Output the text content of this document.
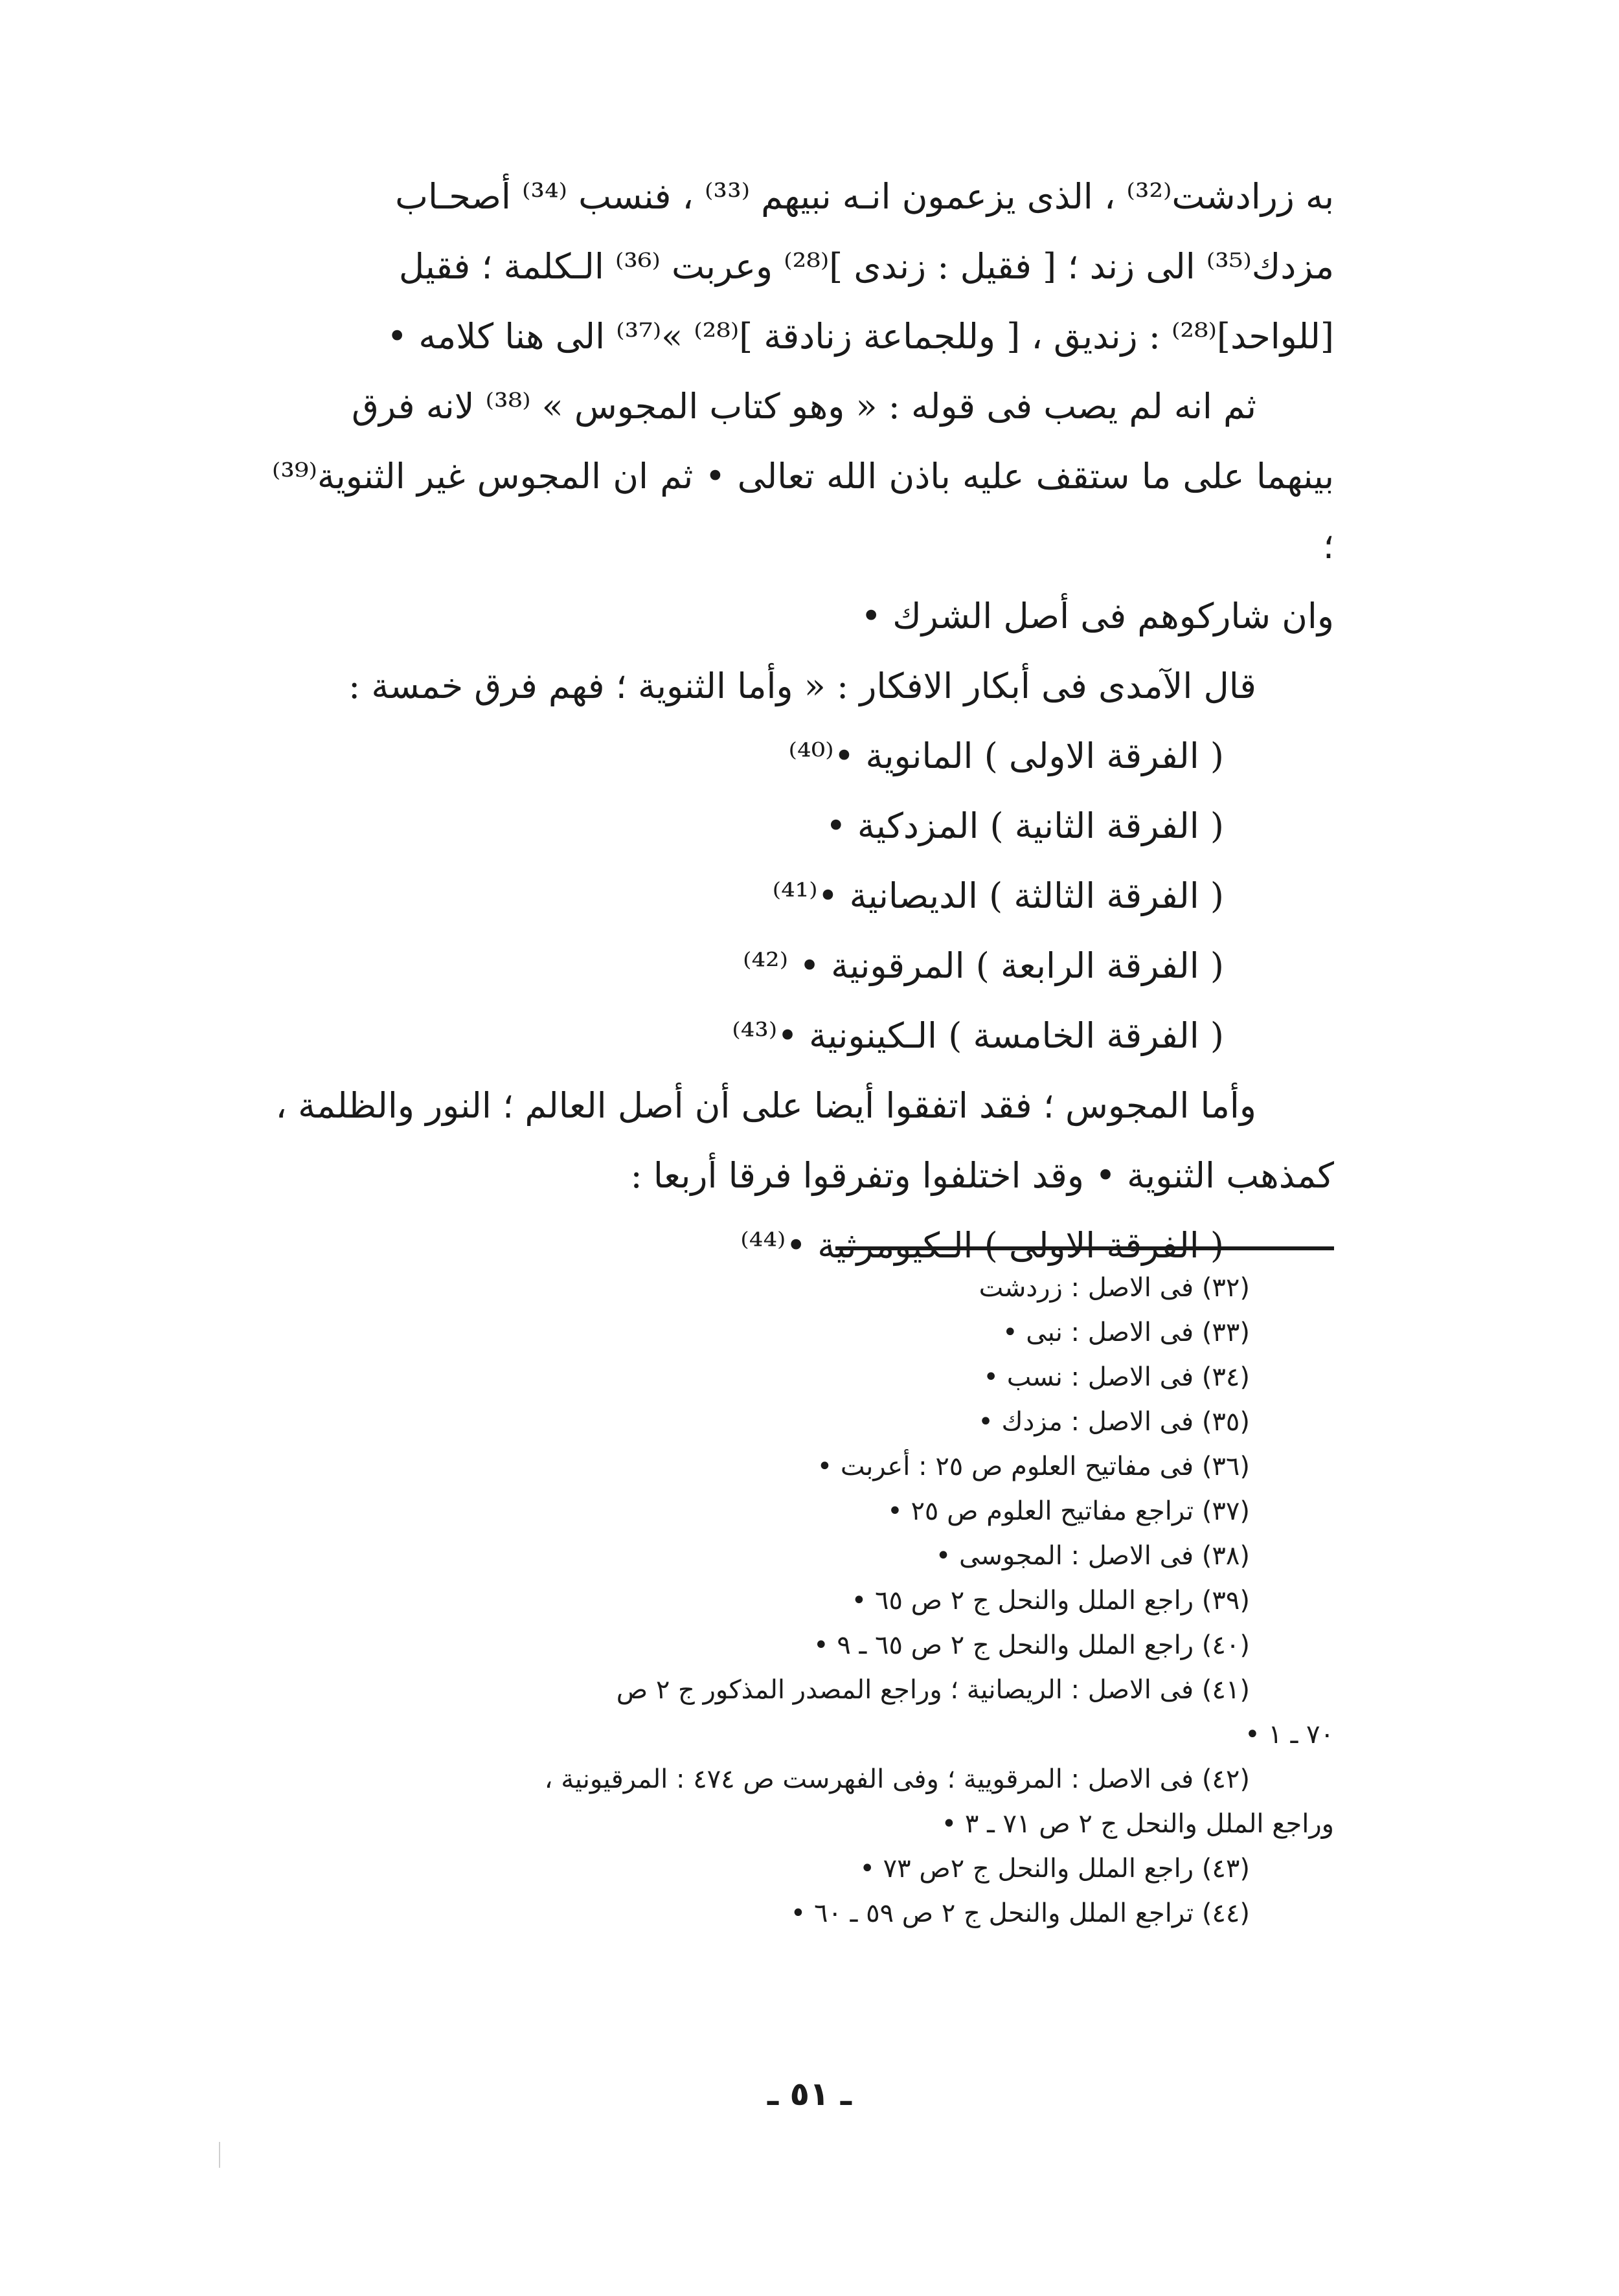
به زرادشت⁽³²⁾ ، الذى يزعمون انـه نبيهم ⁽³³⁾ ، فنسب ⁽³⁴⁾ أصحـاب

مزدك⁽³⁵⁾ الى زند ؛ [ فقيل : زندى ]⁽²⁸⁾ وعربت ⁽³⁶⁾ الـكلمة ؛ فقيل

[للواحد]⁽²⁸⁾ : زنديق ، [ وللجماعة زنادقة ]⁽²⁸⁾ »⁽³⁷⁾ الى هنا كلامه •

ثم انه لم يصب فى قوله : « وهو كتاب المجوس » ⁽³⁸⁾ لانه فرق

بينهما على ما ستقف عليه باذن الله تعالى • ثم ان المجوس غير الثنوية⁽³⁹⁾ ؛

وان شاركوهم فى أصل الشرك •

قال الآمدى فى أبكار الافكار : « وأما الثنوية ؛ فهم فرق خمسة :

( الفرقة الاولى ) المانوية •⁽⁴⁰⁾

( الفرقة الثانية ) المزدكية •

( الفرقة الثالثة ) الديصانية •⁽⁴¹⁾

( الفرقة الرابعة ) المرقونية • ⁽⁴²⁾

( الفرقة الخامسة ) الـكينونية •⁽⁴³⁾

وأما المجوس ؛ فقد اتفقوا أيضا على أن أصل العالم ؛ النور والظلمة ،

كمذهب الثنوية • وقد اختلفوا وتفرقوا فرقا أربعا :

( الفرقة الاولى ) الـكيومرثية •⁽⁴⁴⁾

(٣٢) فى الاصل : زردشت

(٣٣) فى الاصل : نبى •

(٣٤) فى الاصل : نسب •

(٣٥) فى الاصل : مزدك •

(٣٦) فى مفاتيح العلوم ص ٢٥ : أعربت •

(٣٧) تراجع مفاتيح العلوم ص ٢٥ •

(٣٨) فى الاصل : المجوسى •

(٣٩) راجع الملل والنحل ج ٢ ص ٦٥ •

(٤٠) راجع الملل والنحل ج ٢ ص ٦٥ ـ ٩ •

(٤١) فى الاصل : الريصانية ؛ وراجع المصدر المذكور ج ٢ ص

٧٠ ـ ١ •

(٤٢) فى الاصل : المرقويية ؛ وفى الفهرست ص ٤٧٤ : المرقيونية ،

وراجع الملل والنحل ج ٢ ص ٧١ ـ ٣ •

(٤٣) راجع الملل والنحل ج ٢ص ٧٣ •

(٤٤) تراجع الملل والنحل ج ٢ ص ٥٩ ـ ٦٠ •

ـ ٥١ ـ
